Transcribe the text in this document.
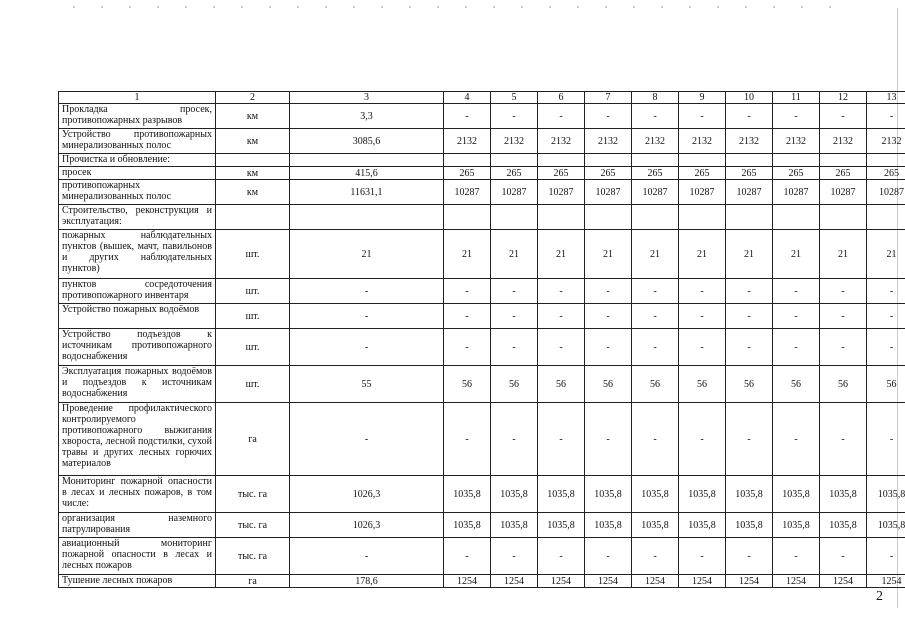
1	2	3	4	5	6	7	8	9	10	11	12	13
Прокладка просек, противопожарных разрывов	км	3,3	-	-	-	-	-	-	-	-	-	-
Устройство противопожарных минерализованных полос	км	3085,6	2132	2132	2132	2132	2132	2132	2132	2132	2132	2132
Прочистка и обновление:												
просек	км	415,6	265	265	265	265	265	265	265	265	265	265
противопожарных минерализованных полос	км	11631,1	10287	10287	10287	10287	10287	10287	10287	10287	10287	10287
Строительство, реконструкция и эксплуатация:												
пожарных наблюдательных пунктов (вышек, мачт, павильонов и других наблюдательных пунктов)	шт.	21	21	21	21	21	21	21	21	21	21	21
пунктов сосредоточения противопожарного инвентаря	шт.	-	-	-	-	-	-	-	-	-	-	-
Устройство пожарных водоёмов	шт.	-	-	-	-	-	-	-	-	-	-	-
Устройство подъездов к источникам противопожарного водоснабжения	шт.	-	-	-	-	-	-	-	-	-	-	-
Эксплуатация пожарных водоёмов и подъездов к источникам водоснабжения	шт.	55	56	56	56	56	56	56	56	56	56	56
Проведение профилактического контролируемого противопожарного выжигания хвороста, лесной подстилки, сухой травы и других лесных горючих материалов	га	-	-	-	-	-	-	-	-	-	-	-
Мониторинг пожарной опасности в лесах и лесных пожаров, в том числе:	тыс. га	1026,3	1035,8	1035,8	1035,8	1035,8	1035,8	1035,8	1035,8	1035,8	1035,8	1035,8
организация наземного патрулирования	тыс. га	1026,3	1035,8	1035,8	1035,8	1035,8	1035,8	1035,8	1035,8	1035,8	1035,8	1035,8
авиационный мониторинг пожарной опасности в лесах и лесных пожаров	тыс. га	-	-	-	-	-	-	-	-	-	-	-
Тушение лесных пожаров	га	178,6	1254	1254	1254	1254	1254	1254	1254	1254	1254	1254
2
